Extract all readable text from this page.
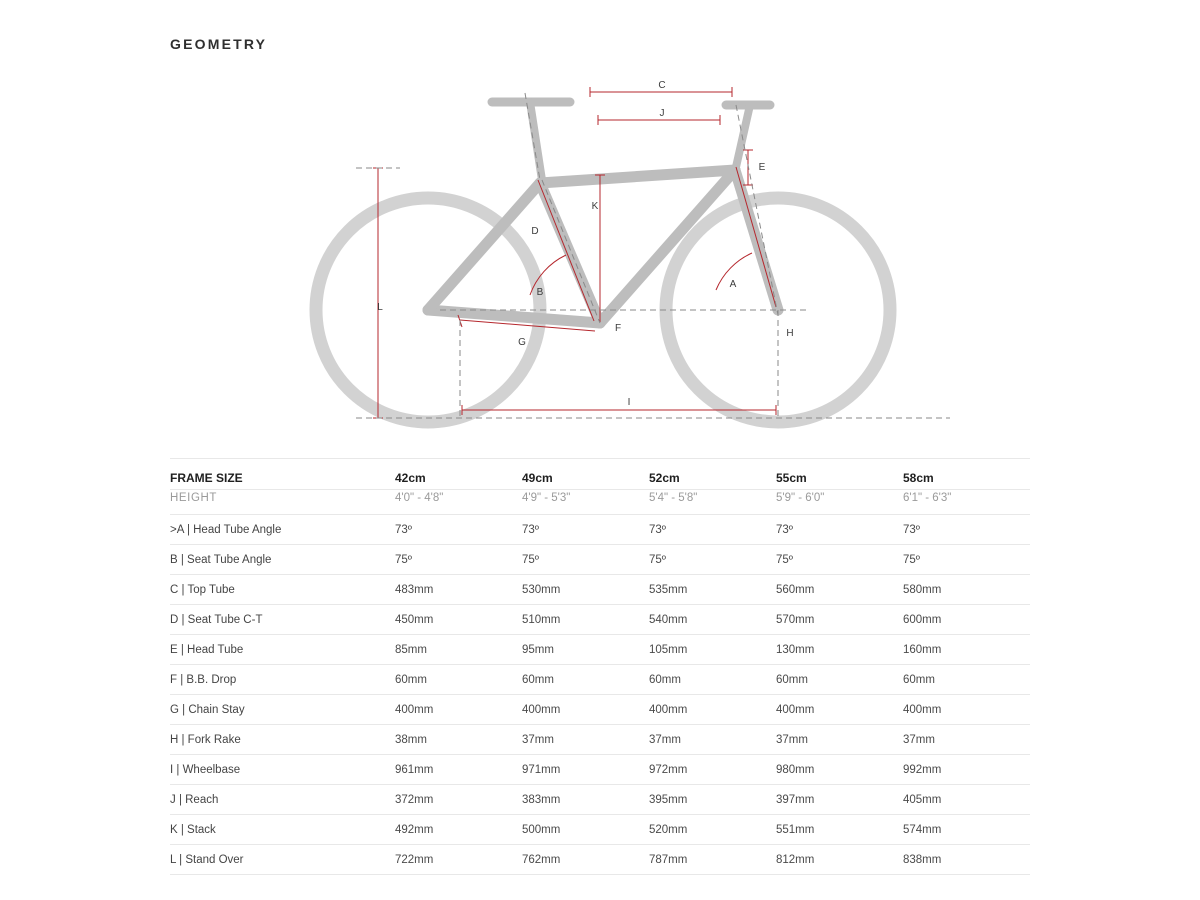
GEOMETRY
C
J
E
K
D
B
A
L
G
F	H
I
FRAME SIZE	42cm	49cm	52cm	55cm	58cm
HEIGHT	4'0" - 4'8"	4'9" - 5'3"	5'4" - 5'8"	5'9" - 6'0"	6'1" - 6'3"
>A | Head Tube Angle	73º	73º	73º	73º	73º
B | Seat Tube Angle	75º	75º	75º	75º	75º
C | Top Tube	483mm	530mm	535mm	560mm	580mm
D | Seat Tube C-T	450mm	510mm	540mm	570mm	600mm
E | Head Tube	85mm	95mm	105mm	130mm	160mm
F | B.B. Drop	60mm	60mm	60mm	60mm	60mm
G | Chain Stay	400mm	400mm	400mm	400mm	400mm
H | Fork Rake	38mm	37mm	37mm	37mm	37mm
I | Wheelbase	961mm	971mm	972mm	980mm	992mm
J | Reach	372mm	383mm	395mm	397mm	405mm
K | Stack	492mm	500mm	520mm	551mm	574mm
L | Stand Over	722mm	762mm	787mm	812mm	838mm
